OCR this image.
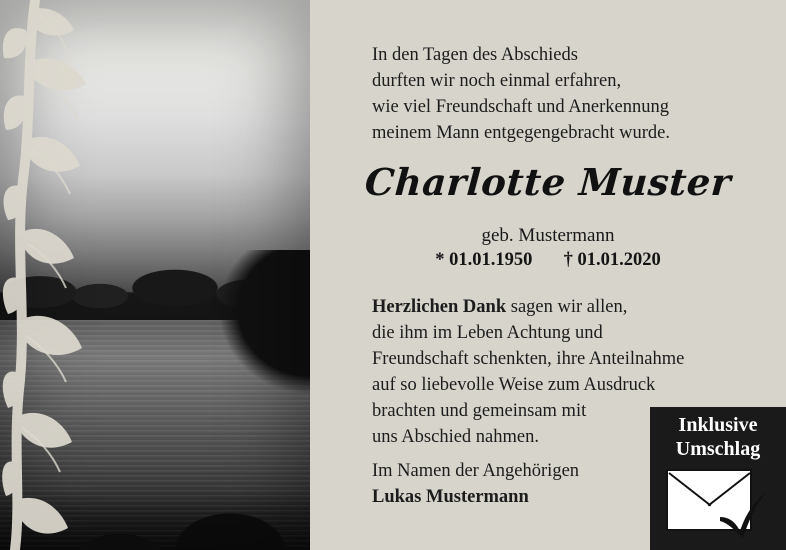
In den Tagen des Abschieds
durften wir noch einmal erfahren,
wie viel Freundschaft und Anerkennung
meinem Mann entgegengebracht wurde.
Charlotte Muster
geb. Mustermann
* 01.01.1950 † 01.01.2020
Herzlichen Dank sagen wir allen,
die ihm im Leben Achtung und
Freundschaft schenkten, ihre Anteilnahme
auf so liebevolle Weise zum Ausdruck
brachten und gemeinsam mit
uns Abschied nahmen.
Im Namen der Angehörigen
Lukas Mustermann
Inklusive
Umschlag
